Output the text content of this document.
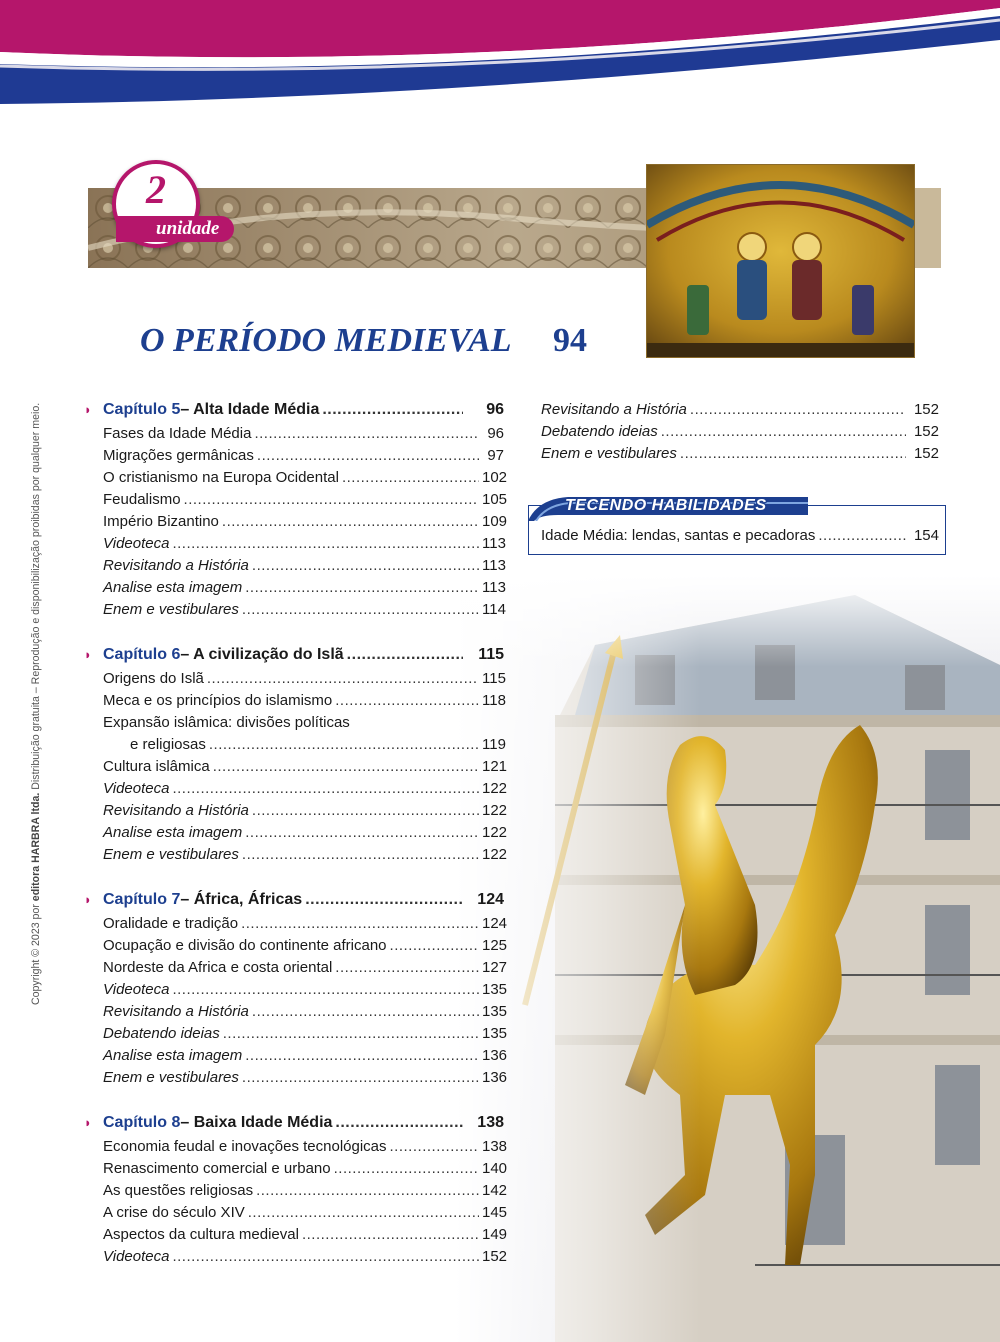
Copyright © 2023 por editora HARBRA ltda. Distribuição gratuita – Reprodução e disponibilização proibidas por qualquer meio.
2
unidade
O PERÍODO MEDIEVAL 94
◗ Capítulo 5 – Alta Idade Média .....	96
Fases da Idade Média .....	96
Migrações germânicas .....	97
O cristianismo na Europa Ocidental .....	102
Feudalismo .....	105
Império Bizantino .....	109
Videoteca .....	113
Revisitando a História .....	113
Analise esta imagem .....	113
Enem e vestibulares .....	114
◗ Capítulo 6 – A civilização do Islã .....	115
Origens do Islã .....	115
Meca e os princípios do islamismo .....	118
Expansão islâmica: divisões políticas
e religiosas .....	119
Cultura islâmica .....	121
Videoteca .....	122
Revisitando a História .....	122
Analise esta imagem .....	122
Enem e vestibulares .....	122
◗ Capítulo 7 – África, Áfricas .....	124
Oralidade e tradição .....	124
Ocupação e divisão do continente africano .....	125
Nordeste da Africa e costa oriental .....	127
Videoteca .....	135
Revisitando a História .....	135
Debatendo ideias .....	135
Analise esta imagem .....	136
Enem e vestibulares .....	136
◗ Capítulo 8 – Baixa Idade Média .....	138
Economia feudal e inovações tecnológicas .....	138
Renascimento comercial e urbano .....	140
As questões religiosas .....	142
A crise do século XIV .....	145
Aspectos da cultura medieval .....	149
Videoteca .....	152
Revisitando a História .....	152
Debatendo ideias .....	152
Enem e vestibulares .....	152
TECENDO HABILIDADES
Idade Média: lendas, santas e pecadoras .....	154
